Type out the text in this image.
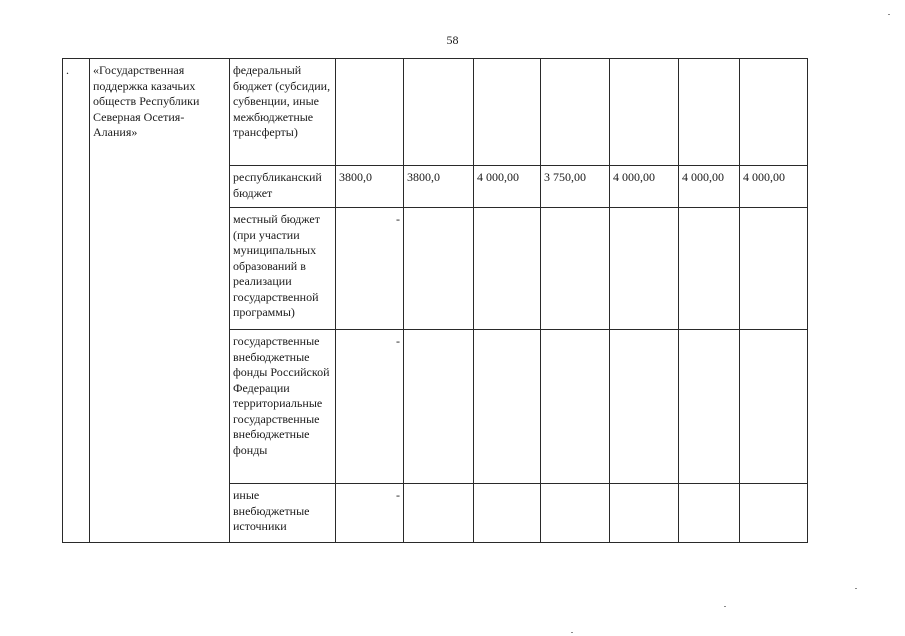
58
.	«Государственная поддержка казачьих обществ Республики Северная Осетия-Алания»	федеральный бюджет (субсидии, субвенции, иные межбюджетные трансферты)							
		республиканский бюджет	3800,0	3800,0	4 000,00	3 750,00	4 000,00	4 000,00	4 000,00
		местный бюджет (при участии муниципальных образований в реализации государственной программы)	-						
		государственные внебюджетные фонды Российской Федерации территориальные государственные внебюджетные фонды	-						
		иные внебюджетные источники	-						
